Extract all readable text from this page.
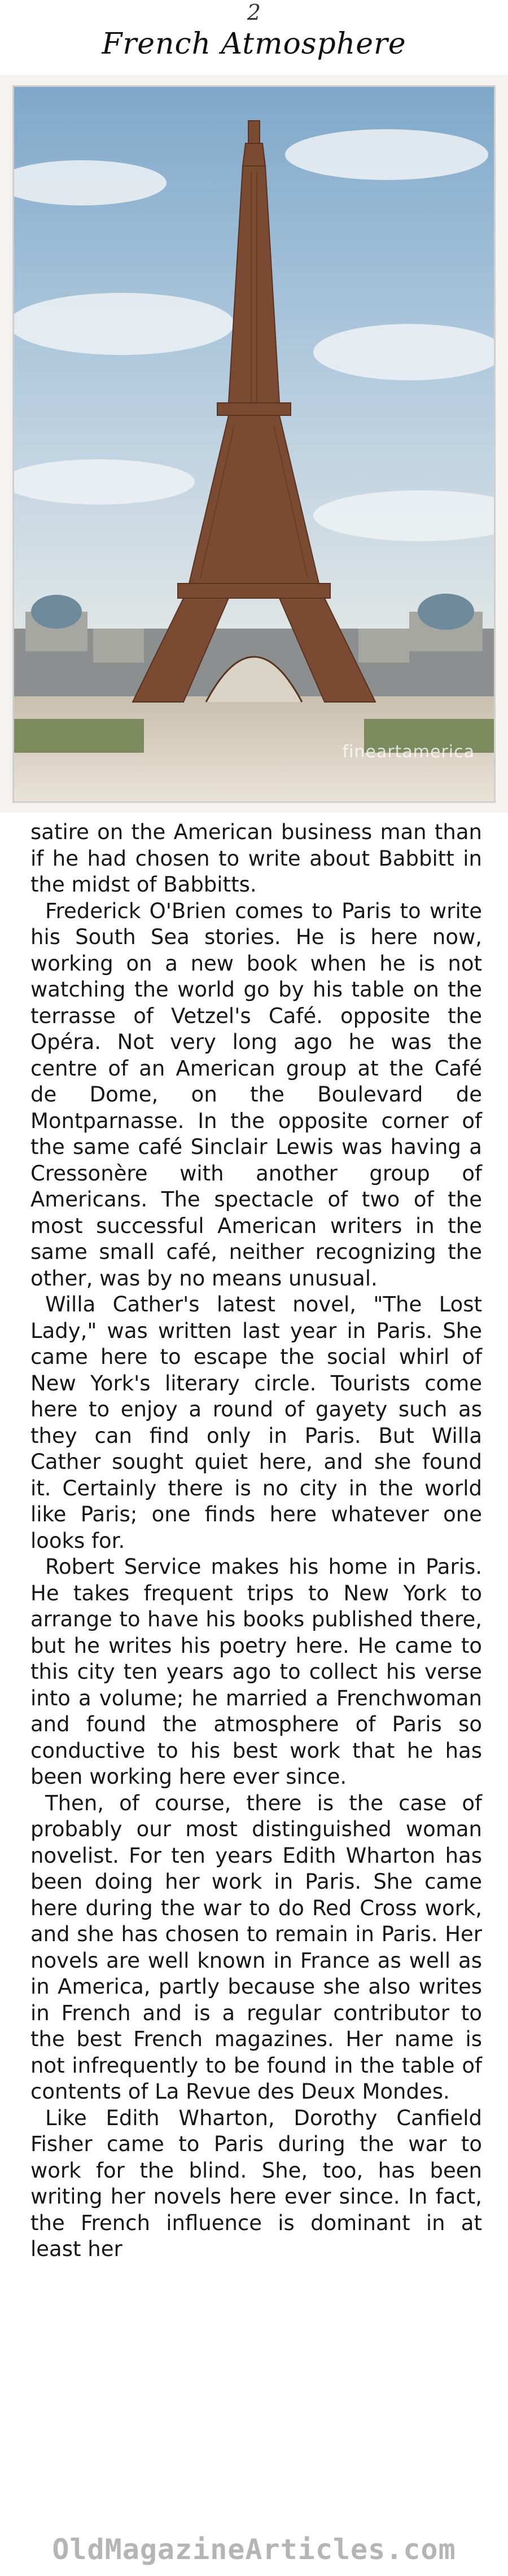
2
French Atmosphere
fineartamerica

satire on the American business man than if he had chosen to write about Babbitt in the midst of Babbitts.

Frederick O'Brien comes to Paris to write his South Sea stories. He is here now, working on a new book when he is not watching the world go by his table on the terrasse of Vetzel's Café. opposite the Opéra. Not very long ago he was the centre of an American group at the Café de Dome, on the Boulevard de Montparnasse. In the opposite corner of the same café Sinclair Lewis was having a Cressonère with another group of Americans. The spectacle of two of the most successful American writers in the same small café, neither recognizing the other, was by no means unusual.

Willa Cather's latest novel, "The Lost Lady," was written last year in Paris. She came here to escape the social whirl of New York's literary circle. Tourists come here to enjoy a round of gayety such as they can find only in Paris. But Willa Cather sought quiet here, and she found it. Certainly there is no city in the world like Paris; one finds here whatever one looks for.

Robert Service makes his home in Paris. He takes frequent trips to New York to arrange to have his books published there, but he writes his poetry here. He came to this city ten years ago to collect his verse into a volume; he married a Frenchwoman and found the atmosphere of Paris so conductive to his best work that he has been working here ever since.

Then, of course, there is the case of probably our most distinguished woman novelist. For ten years Edith Wharton has been doing her work in Paris. She came here during the war to do Red Cross work, and she has chosen to remain in Paris. Her novels are well known in France as well as in America, partly because she also writes in French and is a regular contributor to the best French magazines. Her name is not infrequently to be found in the table of contents of La Revue des Deux Mondes.

Like Edith Wharton, Dorothy Canfield Fisher came to Paris during the war to work for the blind. She, too, has been writing her novels here ever since. In fact, the French influence is dominant in at least her

OldMagazineArticles.com
